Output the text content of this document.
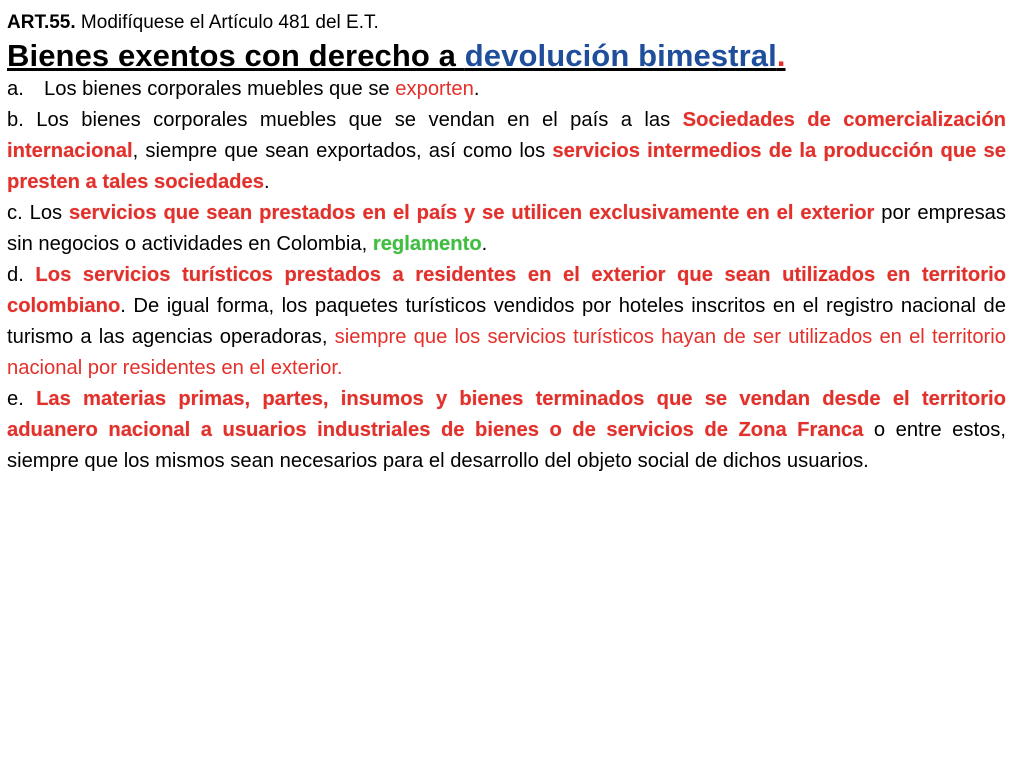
ART.55. Modifíquese el Artículo 481 del E.T.
Bienes exentos con derecho a devolución bimestral.

a. Los bienes corporales muebles que se exporten.

b. Los bienes corporales muebles que se vendan en el país a las Sociedades de comercialización internacional, siempre que sean exportados, así como los servicios intermedios de la producción que se presten a tales sociedades.

c. Los servicios que sean prestados en el país y se utilicen exclusivamente en el exterior por empresas sin negocios o actividades en Colombia, reglamento.

d. Los servicios turísticos prestados a residentes en el exterior que sean utilizados en territorio colombiano. De igual forma, los paquetes turísticos vendidos por hoteles inscritos en el registro nacional de turismo a las agencias operadoras, siempre que los servicios turísticos hayan de ser utilizados en el territorio nacional por residentes en el exterior.

e. Las materias primas, partes, insumos y bienes terminados que se vendan desde el territorio aduanero nacional a usuarios industriales de bienes o de servicios de Zona Franca o entre estos, siempre que los mismos sean necesarios para el desarrollo del objeto social de dichos usuarios.
